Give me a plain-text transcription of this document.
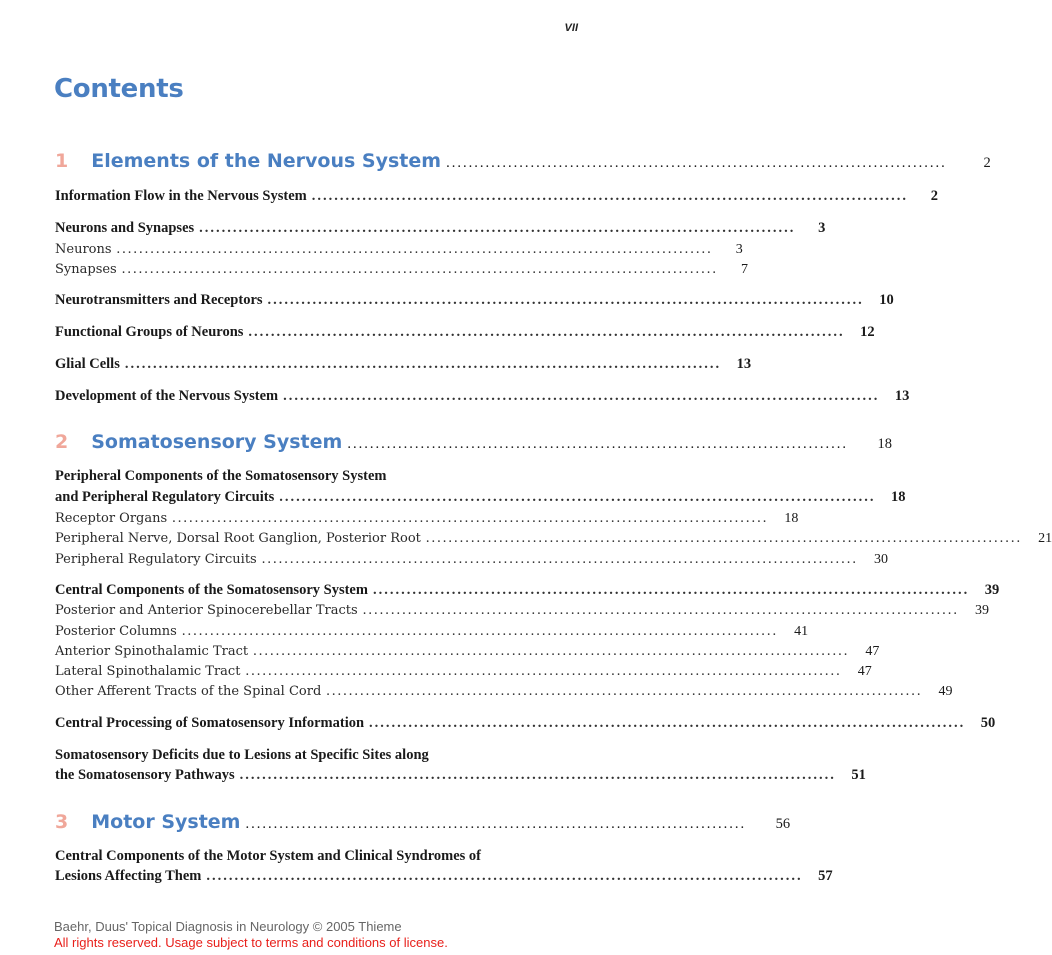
VII
Contents
1 Elements of the Nervous System .........................................................................................	2
Information Flow in the Nervous System ..........................................................................................................	2
Neurons and Synapses ..........................................................................................................	3
Neurons ..........................................................................................................	3
Synapses ..........................................................................................................	7
Neurotransmitters and Receptors ..........................................................................................................	10
Functional Groups of Neurons ..........................................................................................................	12
Glial Cells ..........................................................................................................	13
Development of the Nervous System ..........................................................................................................	13
2 Somatosensory System .........................................................................................	18
Peripheral Components of the Somatosensory System
and Peripheral Regulatory Circuits ..........................................................................................................	18
Receptor Organs ..........................................................................................................	18
Peripheral Nerve, Dorsal Root Ganglion, Posterior Root ..........................................................................................................	21
Peripheral Regulatory Circuits ..........................................................................................................	30
Central Components of the Somatosensory System ..........................................................................................................	39
Posterior and Anterior Spinocerebellar Tracts ..........................................................................................................	39
Posterior Columns ..........................................................................................................	41
Anterior Spinothalamic Tract ..........................................................................................................	47
Lateral Spinothalamic Tract ..........................................................................................................	47
Other Afferent Tracts of the Spinal Cord ..........................................................................................................	49
Central Processing of Somatosensory Information ..........................................................................................................	50
Somatosensory Deficits due to Lesions at Specific Sites along
the Somatosensory Pathways ..........................................................................................................	51
3 Motor System .........................................................................................	56
Central Components of the Motor System and Clinical Syndromes of
Lesions Affecting Them ..........................................................................................................	57
Baehr, Duus' Topical Diagnosis in Neurology © 2005 Thieme
All rights reserved. Usage subject to terms and conditions of license.
